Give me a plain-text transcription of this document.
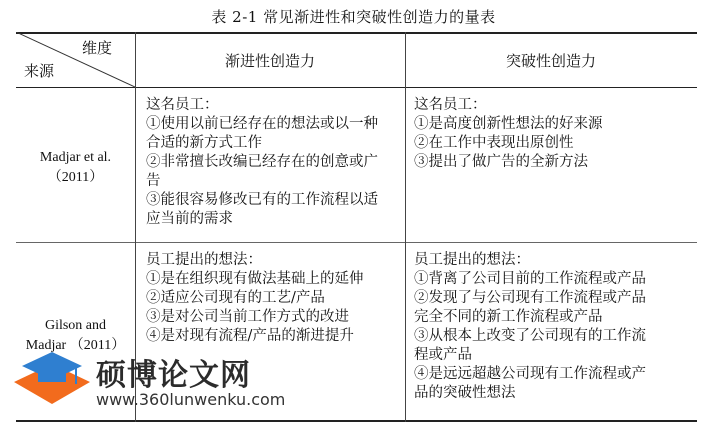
表 2-1 常见渐进性和突破性创造力的量表
维度
来源
渐进性创造力	突破性创造力
Madjar et al.
（2011）
这名员工：
①使用以前已经存在的想法或以一种
合适的新方式工作
②非常擅长改编已经存在的创意或广
告
③能很容易修改已有的工作流程以适
应当前的需求
这名员工：
①是高度创新性想法的好来源
②在工作中表现出原创性
③提出了做广告的全新方法
Gilson and
Madjar （2011）
员工提出的想法：
①是在组织现有做法基础上的延伸
②适应公司现有的工艺/产品
③是对公司当前工作方式的改进
④是对现有流程/产品的渐进提升
员工提出的想法：
①背离了公司目前的工作流程或产品
②发现了与公司现有工作流程或产品
完全不同的新工作流程或产品
③从根本上改变了公司现有的工作流
程或产品
④是远远超越公司现有工作流程或产
品的突破性想法
硕博论文网
www.360lunwenku.com
